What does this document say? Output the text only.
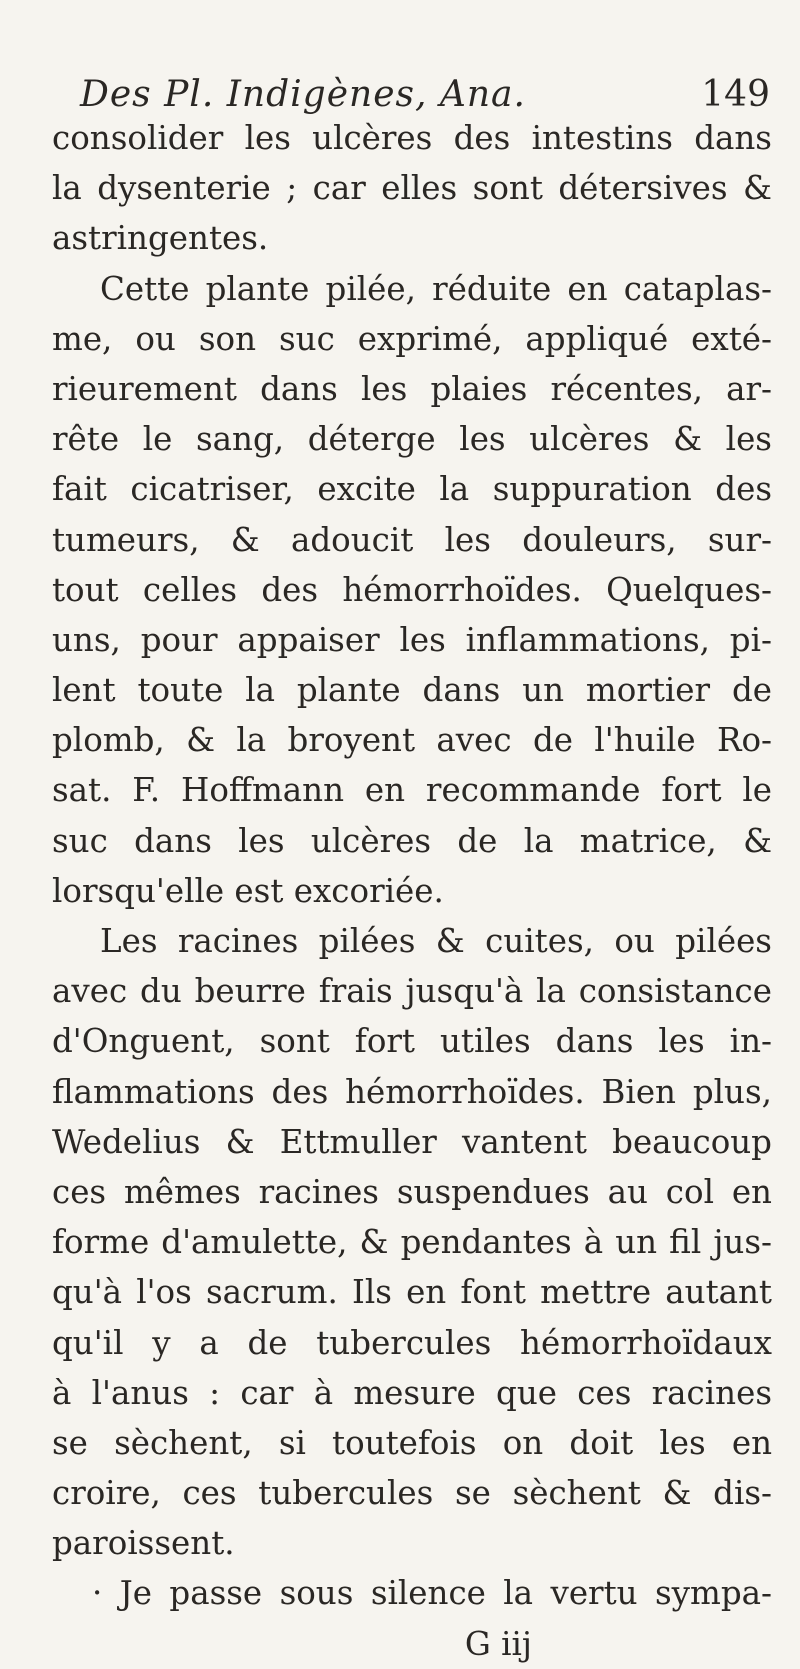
Des Pl. Indigènes, Ana.	149
consolider les ulcères des intestins dans
la dysenterie ; car elles sont détersives &
astringentes.
Cette plante pilée, réduite en cataplas-
me, ou son suc exprimé, appliqué exté-
rieurement dans les plaies récentes, ar-
rête le sang, déterge les ulcères & les
fait cicatriser, excite la suppuration des
tumeurs, & adoucit les douleurs, sur-
tout celles des hémorrhoïdes. Quelques-
uns, pour appaiser les inflammations, pi-
lent toute la plante dans un mortier de
plomb, & la broyent avec de l'huile Ro-
sat. F. Hoffmann en recommande fort le
suc dans les ulcères de la matrice, &
lorsqu'elle est excoriée.
Les racines pilées & cuites, ou pilées
avec du beurre frais jusqu'à la consistance
d'Onguent, sont fort utiles dans les in-
flammations des hémorrhoïdes. Bien plus,
Wedelius & Ettmuller vantent beaucoup
ces mêmes racines suspendues au col en
forme d'amulette, & pendantes à un fil jus-
qu'à l'os sacrum. Ils en font mettre autant
qu'il y a de tubercules hémorrhoïdaux
à l'anus : car à mesure que ces racines
se sèchent, si toutefois on doit les en
croire, ces tubercules se sèchent & dis-
paroissent.
· Je passe sous silence la vertu sympa-
G iij
